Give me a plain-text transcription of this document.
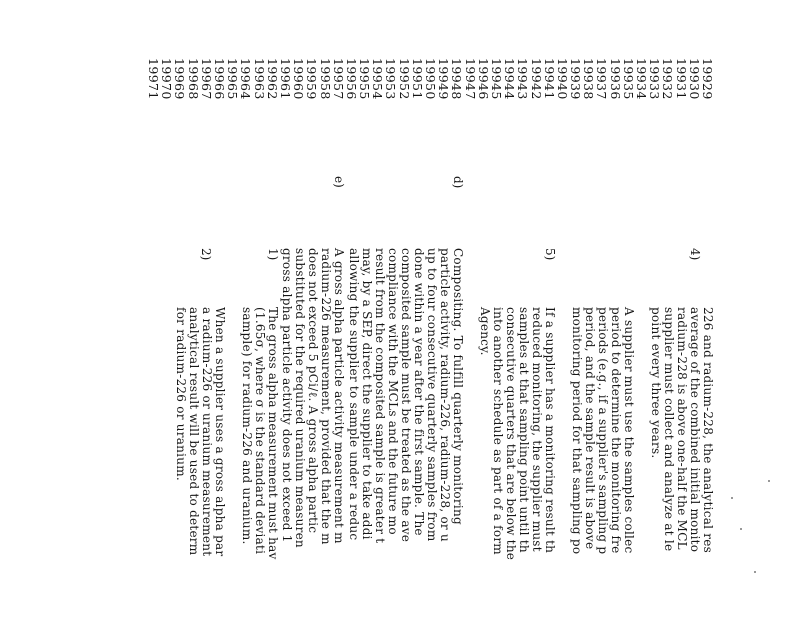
19929
19930
19931
19932
19933
19934
19935
19936
19937
19938
19939
19940
19941
19942
19943
19944
19945
19946
19947
19948
19949
19950
19951
19952
19953
19954
19955
19956
19957
19958
19959
19960
19961
19962
19963
19964
19965
19966
19967
19968
19969
19970
19971
4)
5)
d)
e)
1)
2)
226 and radium-228, the analytical res
average of the combined initial monito
radium-228 is above one-half the MCL
supplier must collect and analyze at le
point every three years.
A supplier must use the samples collec
period to determine the monitoring fre
periods (e.g., if a supplier's sampling p
period, and the sample result is above
monitoring period for that sampling po
If a supplier has a monitoring result th
reduced monitoring, the supplier must
samples at that sampling point until th
consecutive quarters that are below the
into another schedule as part of a form
Agency.
Compositing. To fulfill quarterly monitoring
particle activity, radium-226, radium-228, or u
up to four consecutive quarterly samples from
done within a year after the first sample. The
composited sample must be treated as the ave
compliance with the MCLs and the future mo
result from the composited sample is greater t
may, by a SEP, direct the supplier to take addi
allowing the supplier to sample under a reduc
A gross alpha particle activity measurement m
radium-226 measurement, provided that the m
does not exceed 5 pCi/ℓ. A gross alpha partic
substituted for the required uranium measuren
gross alpha particle activity does not exceed 1
The gross alpha measurement must hav
(1.65σ, where σ is the standard deviati
sample) for radium-226 and uranium.
When a supplier uses a gross alpha par
a radium-226 or uranium measurement
analytical result will be used to determ
for radium-226 or uranium.
